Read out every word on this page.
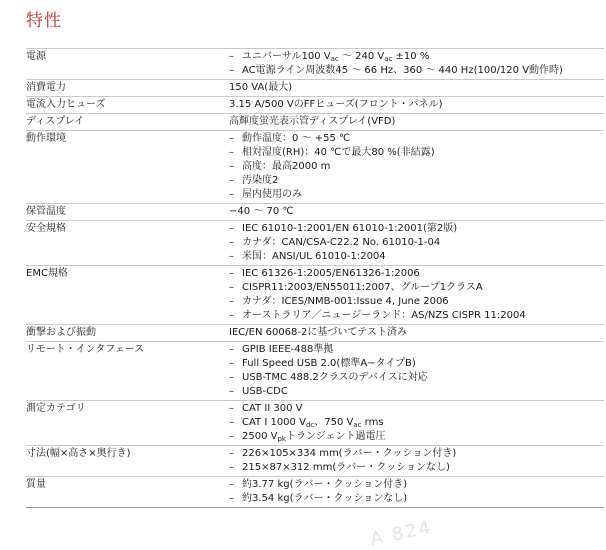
特性
電源	– ユニバーサル100 $V_{ac}$ ～ 240 $V_{ac} \pm 10$ %
– AC電源ライン周波数45 ～ 66 Hz、360 ～ 440 Hz(100/120 V動作時)
消費電力	150 VA(最大)
電流入力ヒューズ	3.15 A/500 VのFFヒューズ(フロント・パネル)
ディスプレイ	高輝度蛍光表示管ディスプレイ(VFD)
動作環境	– 動作温度：0 ～ +55 ℃
– 相対湿度(RH)：40 ℃で最大80 %(非結露)
– 高度：最高2000 m
– 汚染度2
– 屋内使用のみ
保管温度	−40 ～ 70 ℃
安全規格	– IEC 61010-1:2001/EN 61010-1:2001(第2版)
– カナダ：CAN/CSA-C22.2 No. 61010-1-04
– 米国：ANSI/UL 61010-1:2004
EMC規格	– IEC 61326-1:2005/EN61326-1:2006
– CISPR11:2003/EN55011:2007、グループ1クラスA
– カナダ：ICES/NMB-001:Issue 4, June 2006
– オーストラリア／ニュージーランド：AS/NZS CISPR 11:2004
衝撃および振動	IEC/EN 60068-2に基づいてテスト済み
リモート・インタフェース	– GPIB IEEE-488準拠
– Full Speed USB 2.0(標準A−タイプB)
– USB-TMC 488.2クラスのデバイスに対応
– USB-CDC
測定カテゴリ	– CAT II 300 V
– CAT I 1000 $V_{dc}$、750 $V_{ac}$ rms
– 2500 $V_{pk}$トランジェント過電圧
寸法(幅×高さ×奥行き)	– 226×105×334 mm(ラバー・クッション付き)
– 215×87×312 mm(ラバー・クッションなし)
質量	– 約3.77 kg(ラバー・クッション付き)
– 約3.54 kg(ラバー・クッションなし)
A 824
